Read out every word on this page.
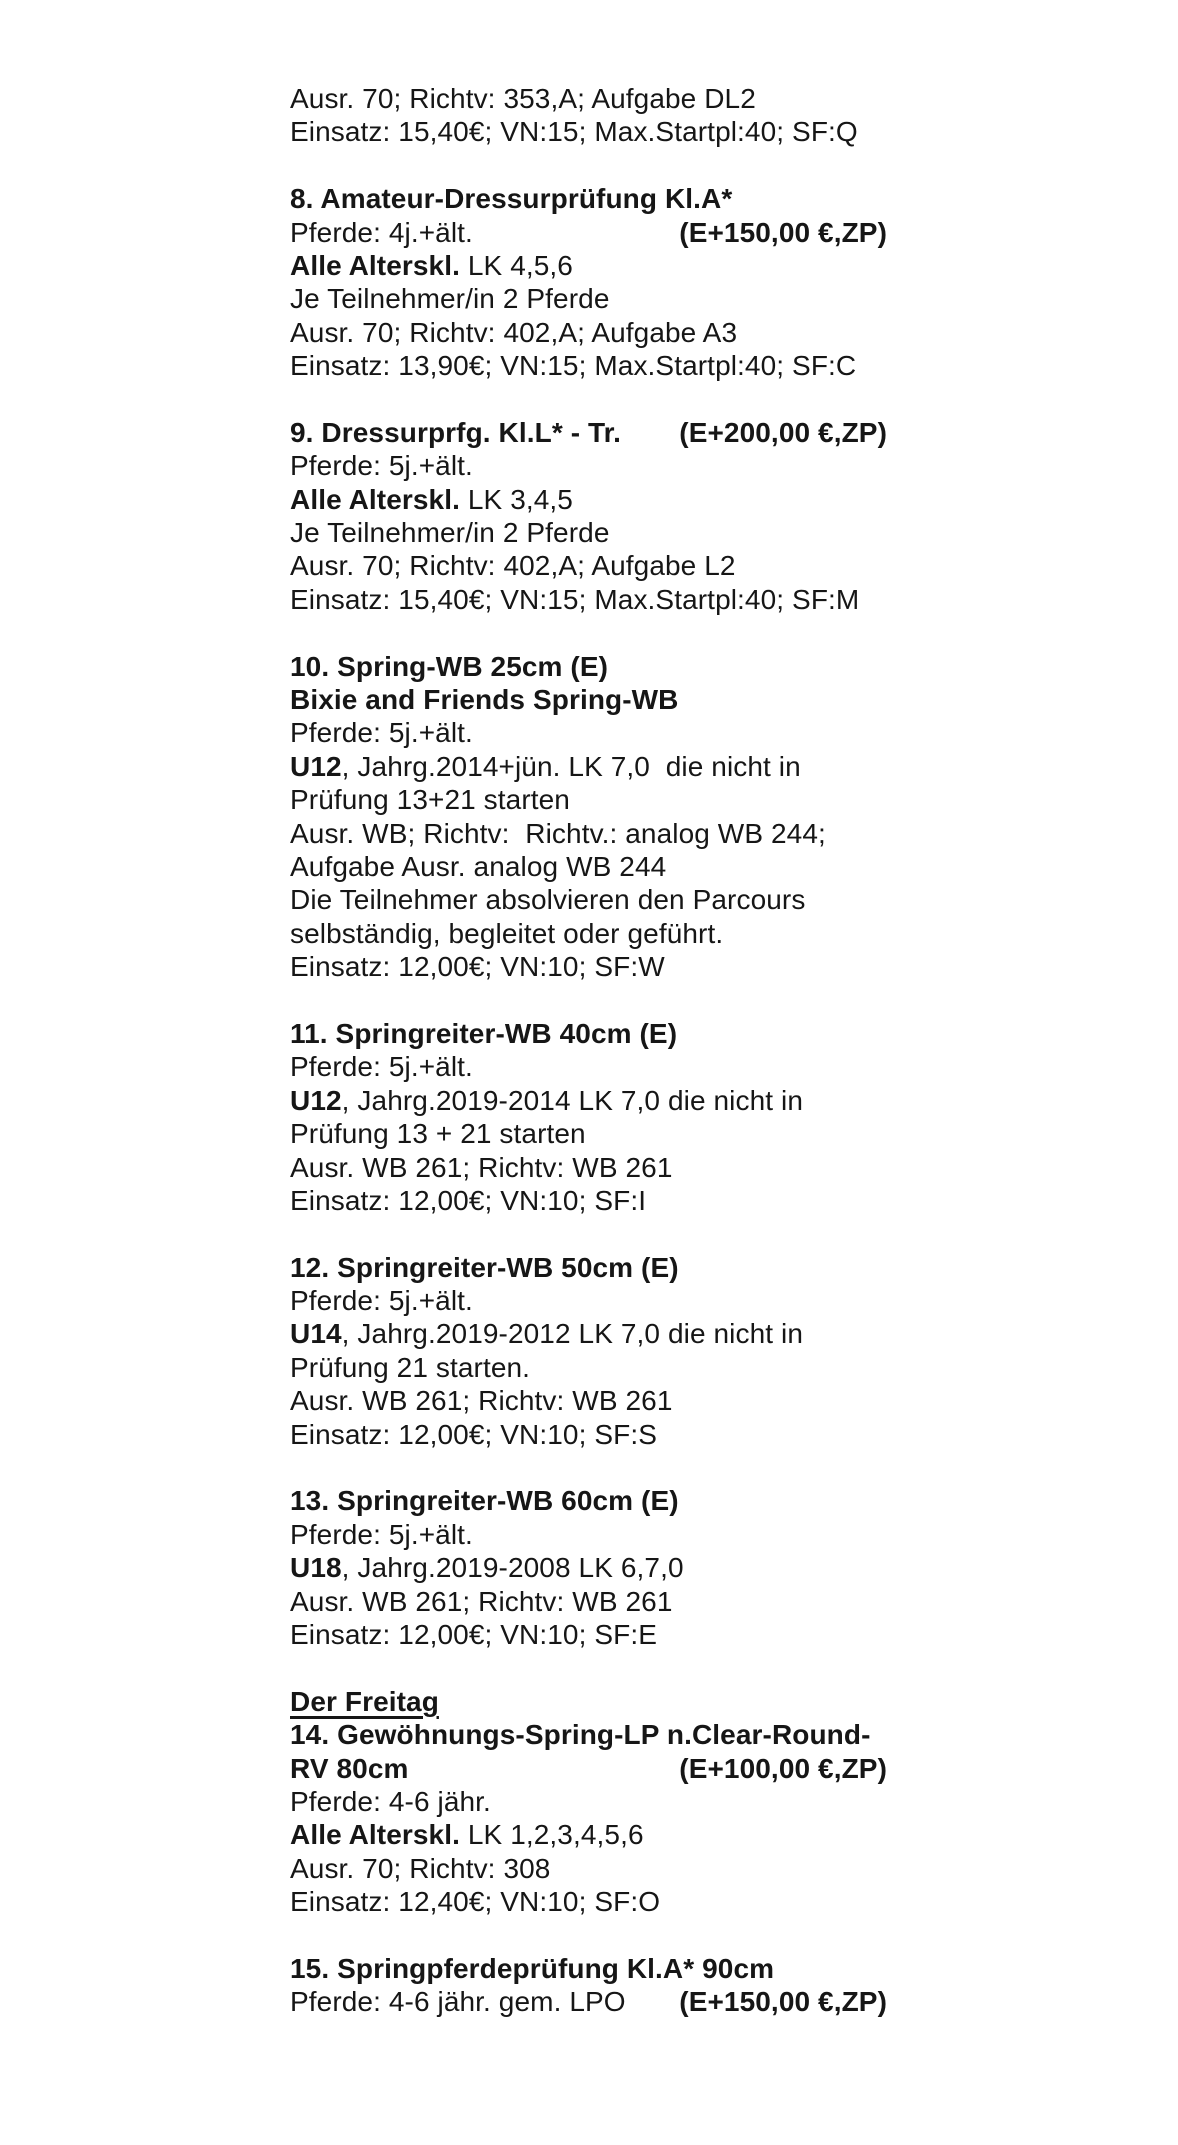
Ausr. 70; Richtv: 353,A; Aufgabe DL2
Einsatz: 15,40€; VN:15; Max.Startpl:40; SF:Q
8. Amateur-Dressurprüfung Kl.A*
Pferde: 4j.+ält.	(E+150,00 €,ZP)
Alle Alterskl. LK 4,5,6
Je Teilnehmer/in 2 Pferde
Ausr. 70; Richtv: 402,A; Aufgabe A3
Einsatz: 13,90€; VN:15; Max.Startpl:40; SF:C
9. Dressurprfg. Kl.L* - Tr. (E+200,00 €,ZP)
Pferde: 5j.+ält.
Alle Alterskl. LK 3,4,5
Je Teilnehmer/in 2 Pferde
Ausr. 70; Richtv: 402,A; Aufgabe L2
Einsatz: 15,40€; VN:15; Max.Startpl:40; SF:M
10. Spring-WB 25cm (E)
Bixie and Friends Spring-WB
Pferde: 5j.+ält.
U12, Jahrg.2014+jün. LK 7,0  die nicht in
Prüfung 13+21 starten
Ausr. WB; Richtv:  Richtv.: analog WB 244;
Aufgabe Ausr. analog WB 244
Die Teilnehmer absolvieren den Parcours
selbständig, begleitet oder geführt.
Einsatz: 12,00€; VN:10; SF:W
11. Springreiter-WB 40cm (E)
Pferde: 5j.+ält.
U12, Jahrg.2019-2014 LK 7,0 die nicht in
Prüfung 13 + 21 starten
Ausr. WB 261; Richtv: WB 261
Einsatz: 12,00€; VN:10; SF:I
12. Springreiter-WB 50cm (E)
Pferde: 5j.+ält.
U14, Jahrg.2019-2012 LK 7,0 die nicht in
Prüfung 21 starten.
Ausr. WB 261; Richtv: WB 261
Einsatz: 12,00€; VN:10; SF:S
13. Springreiter-WB 60cm (E)
Pferde: 5j.+ält.
U18, Jahrg.2019-2008 LK 6,7,0
Ausr. WB 261; Richtv: WB 261
Einsatz: 12,00€; VN:10; SF:E
Der Freitag
14. Gewöhnungs-Spring-LP n.Clear-Round-
RV 80cm	(E+100,00 €,ZP)
Pferde: 4-6 jähr.
Alle Alterskl. LK 1,2,3,4,5,6
Ausr. 70; Richtv: 308
Einsatz: 12,40€; VN:10; SF:O
15. Springpferdeprüfung Kl.A* 90cm
Pferde: 4-6 jähr. gem. LPO (E+150,00 €,ZP)
